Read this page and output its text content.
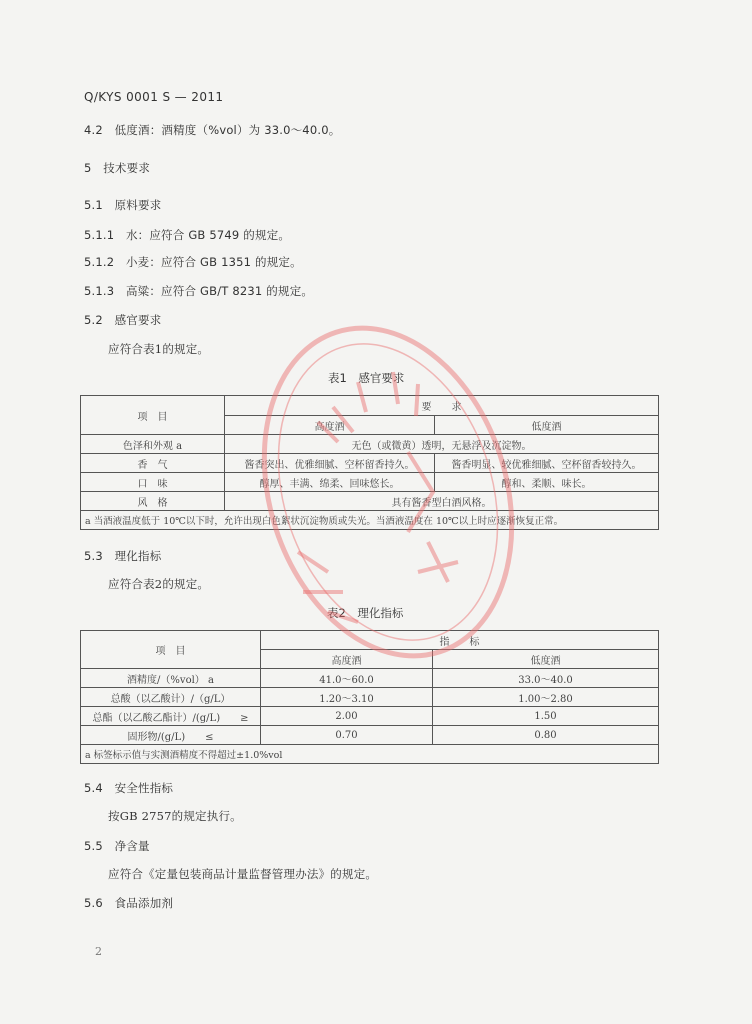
Q/KYS 0001 S — 2011
4.2　低度酒：酒精度（%vol）为 33.0～40.0。
5　技术要求
5.1　原料要求
5.1.1　水：应符合 GB 5749 的规定。
5.1.2　小麦：应符合 GB 1351 的规定。
5.1.3　高粱：应符合 GB/T 8231 的规定。
5.2　感官要求
应符合表1的规定。
表1　感官要求
项　目	要　　求	
	高度酒	低度酒
色泽和外观 a	无色（或微黄）透明，无悬浮及沉淀物。	
香　气	酱香突出、优雅细腻、空杯留香持久。	酱香明显、较优雅细腻、空杯留香较持久。
口　味	醇厚、丰满、绵柔、回味悠长。	醇和、柔顺、味长。
风　格	具有酱香型白酒风格。	
a 当酒液温度低于 10℃以下时，允许出现白色絮状沉淀物质或失光。当酒液温度在 10℃以上时应逐渐恢复正常。		
5.3　理化指标
应符合表2的规定。
表2　理化指标
项　目	指　　标	
	高度酒	低度酒
酒精度/（%vol） a	41.0～60.0	33.0～40.0
总酸（以乙酸计）/（g/L）	1.20～3.10	1.00～2.80
总酯（以乙酸乙酯计）/(g/L)　　≥	2.00	1.50
固形物/(g/L)　　≤	0.70	0.80
a 标签标示值与实测酒精度不得超过±1.0%vol		
5.4　安全性指标
按GB 2757的规定执行。
5.5　净含量
应符合《定量包装商品计量监督管理办法》的规定。
5.6　食品添加剂
2
